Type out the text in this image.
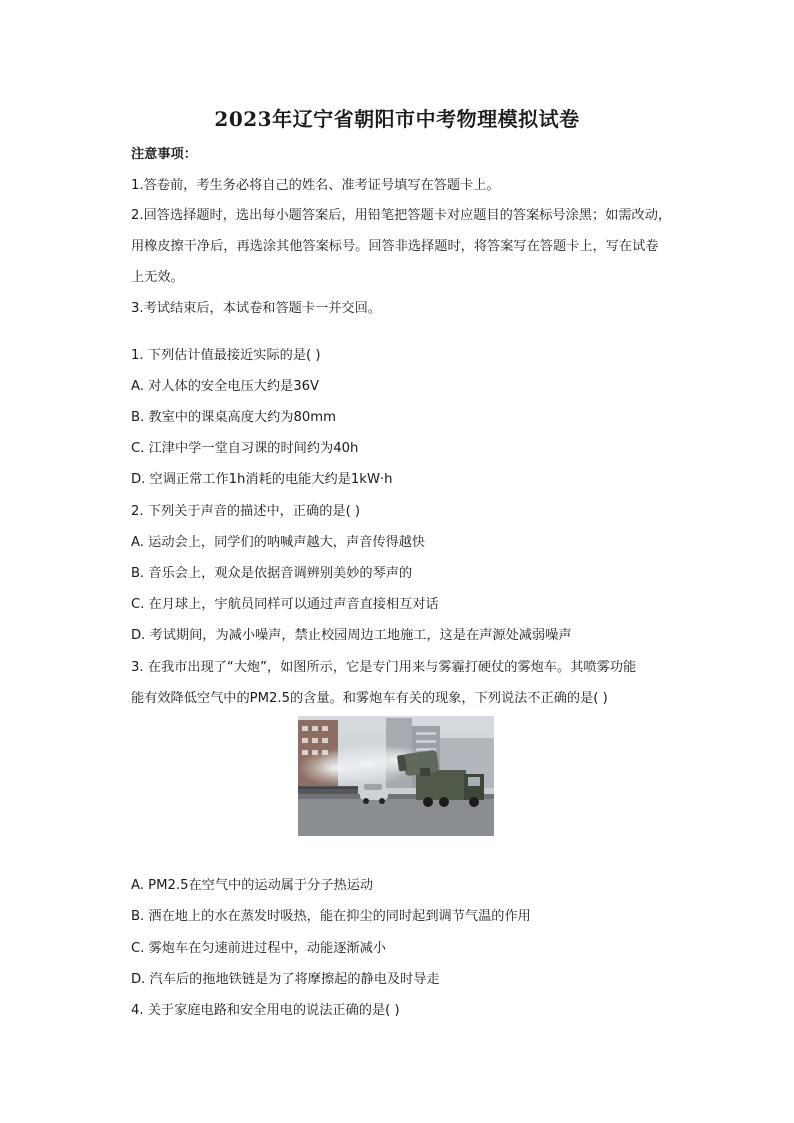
2023年辽宁省朝阳市中考物理模拟试卷
注意事项：
1.答卷前，考生务必将自己的姓名、准考证号填写在答题卡上。
2.回答选择题时，选出每小题答案后，用铅笔把答题卡对应题目的答案标号涂黑；如需改动，
用橡皮擦干净后，再选涂其他答案标号。回答非选择题时，将答案写在答题卡上，写在试卷
上无效。
3.考试结束后，本试卷和答题卡一并交回。
1. 下列估计值最接近实际的是( )
A. 对人体的安全电压大约是36V
B. 教室中的课桌高度大约为80mm
C. 江津中学一堂自习课的时间约为40h
D. 空调正常工作1h消耗的电能大约是1kW·h
2. 下列关于声音的描述中，正确的是( )
A. 运动会上，同学们的呐喊声越大，声音传得越快
B. 音乐会上，观众是依据音调辨别美妙的琴声的
C. 在月球上，宇航员同样可以通过声音直接相互对话
D. 考试期间，为减小噪声，禁止校园周边工地施工，这是在声源处减弱噪声
3. 在我市出现了“大炮”，如图所示，它是专门用来与雾霾打硬仗的雾炮车。其喷雾功能
能有效降低空气中的PM2.5的含量。和雾炮车有关的现象，下列说法不正确的是( )
A. PM2.5在空气中的运动属于分子热运动
B. 洒在地上的水在蒸发时吸热，能在抑尘的同时起到调节气温的作用
C. 雾炮车在匀速前进过程中，动能逐渐减小
D. 汽车后的拖地铁链是为了将摩擦起的静电及时导走
4. 关于家庭电路和安全用电的说法正确的是( )
